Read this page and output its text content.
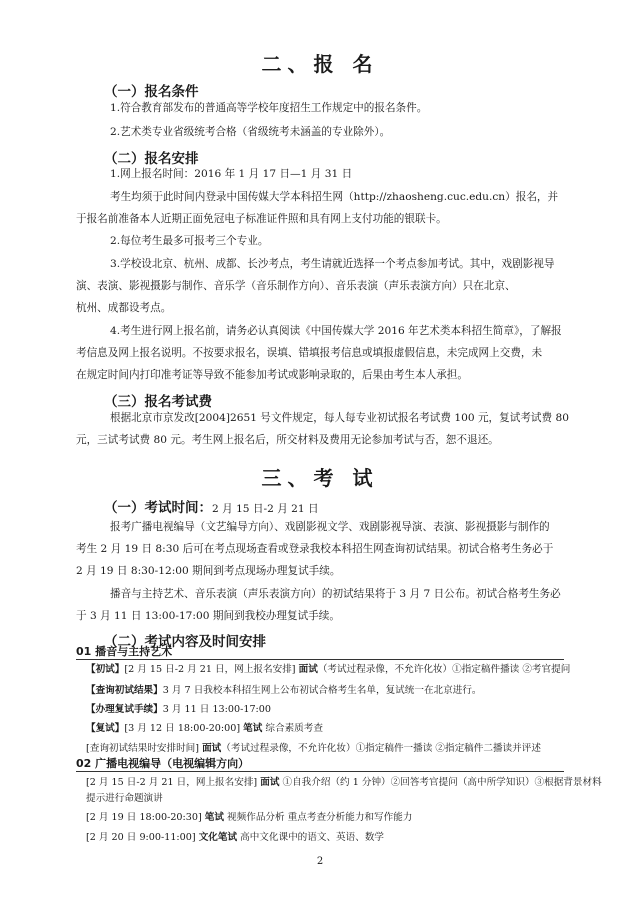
二、报 名
（一）报名条件
1.符合教育部发布的普通高等学校年度招生工作规定中的报名条件。
2.艺术类专业省级统考合格（省级统考未涵盖的专业除外）。
（二）报名安排
1.网上报名时间：2016 年 1 月 17 日—1 月 31 日
考生均须于此时间内登录中国传媒大学本科招生网（http://zhaosheng.cuc.edu.cn）报名，并
于报名前准备本人近期正面免冠电子标准证件照和具有网上支付功能的银联卡。
2.每位考生最多可报考三个专业。
3.学校设北京、杭州、成都、长沙考点，考生请就近选择一个考点参加考试。其中，戏剧影视导
演、表演、影视摄影与制作、音乐学（音乐制作方向）、音乐表演（声乐表演方向）只在北京、
杭州、成都设考点。
4.考生进行网上报名前，请务必认真阅读《中国传媒大学 2016 年艺术类本科招生简章》，了解报
考信息及网上报名说明。不按要求报名，误填、错填报考信息或填报虚假信息，未完成网上交费，未
在规定时间内打印准考证等导致不能参加考试或影响录取的，后果由考生本人承担。
（三）报名考试费
根据北京市京发改[2004]2651 号文件规定，每人每专业初试报名考试费 100 元，复试考试费 80
元，三试考试费 80 元。考生网上报名后，所交材料及费用无论参加考试与否，恕不退还。
三、考 试
（一）考试时间：2 月 15 日-2 月 21 日
报考广播电视编导（文艺编导方向）、戏剧影视文学、戏剧影视导演、表演、影视摄影与制作的
考生 2 月 19 日 8:30 后可在考点现场查看或登录我校本科招生网查询初试结果。初试合格考生务必于
2 月 19 日 8:30-12:00 期间到考点现场办理复试手续。
播音与主持艺术、音乐表演（声乐表演方向）的初试结果将于 3 月 7 日公布。初试合格考生务必
于 3 月 11 日 13:00-17:00 期间到我校办理复试手续。
（二）考试内容及时间安排
01 播音与主持艺术
【初试】[2 月 15 日-2 月 21 日，网上报名安排] 面试（考试过程录像，不允许化妆）①指定稿件播读 ②考官提问
【查询初试结果】3 月 7 日我校本科招生网上公布初试合格考生名单，复试统一在北京进行。
【办理复试手续】3 月 11 日 13:00-17:00
【复试】[3 月 12 日 18:00-20:00] 笔试 综合素质考查
[查询初试结果时安排时间] 面试（考试过程录像，不允许化妆）①指定稿件一播读 ②指定稿件二播读并评述
02 广播电视编导（电视编辑方向）
[2 月 15 日-2 月 21 日，网上报名安排] 面试 ①自我介绍（约 1 分钟）②回答考官提问（高中所学知识）③根据背景材料
提示进行命题演讲
[2 月 19 日 18:00-20:30] 笔试 视频作品分析 重点考查分析能力和写作能力
[2 月 20 日 9:00-11:00] 文化笔试 高中文化课中的语文、英语、数学
2
